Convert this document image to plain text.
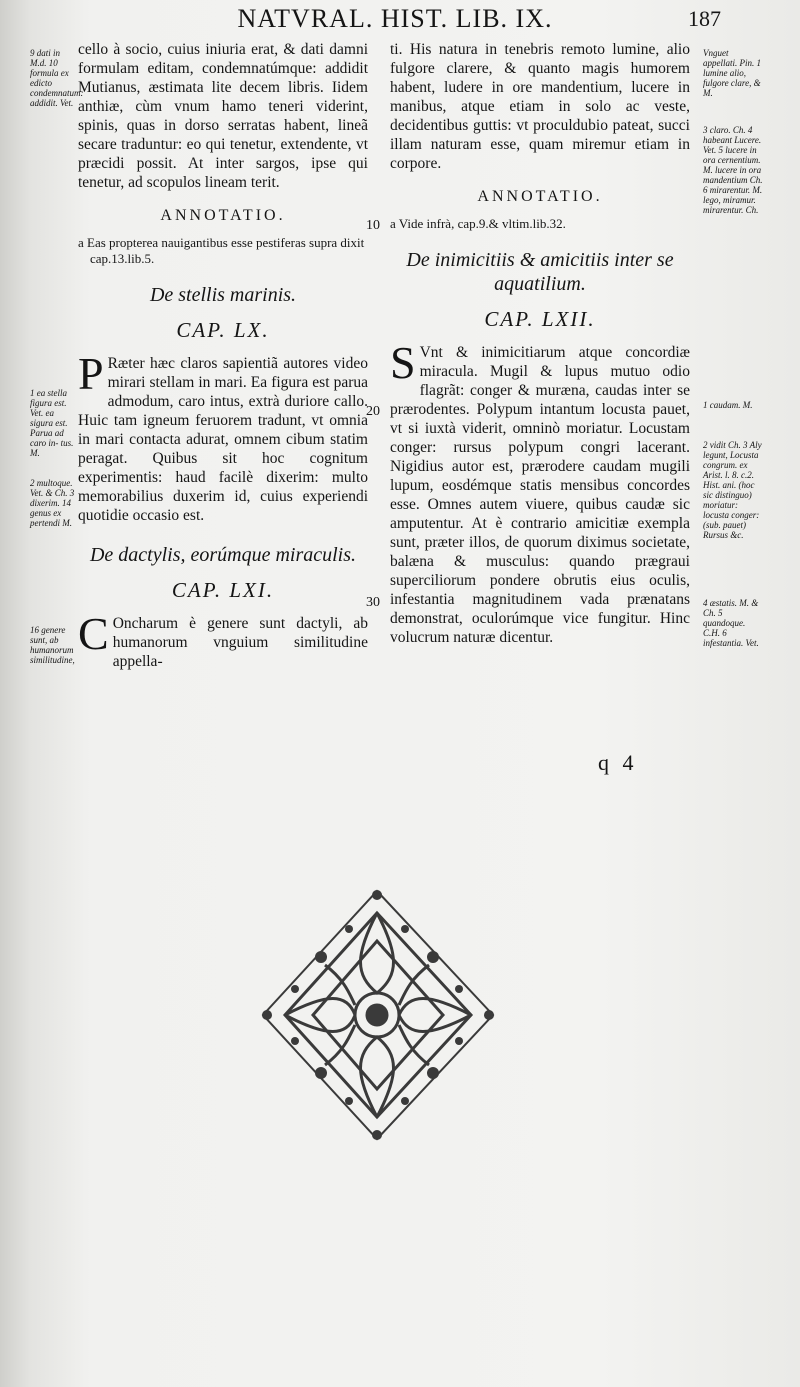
NATVRAL. HIST. LIB. IX.	187

cello à socio, cuius iniuria erat, & dati damni formulam editam, condemnatúmque: addidit Mutianus, æstimata lite decem libris. Iidem anthiæ, cùm vnum hamo teneri viderint, spinis, quas in dorso serratas habent, lineã secare traduntur: eo qui tenetur, extendente, vt præcidi possit. At inter sargos, ipse qui tenetur, ad scopulos lineam terit.

ANNOTATIO.

a Eas propterea nauigantibus esse pestiferas supra dixit cap.13.lib.5.

De stellis marinis.
CAP. LX.

P Ræter hæc claros sapientiã autores video mirari stellam in mari. Ea figura est parua admodum, caro intus, extrà duriore callo. Huic tam igneum feruorem tradunt, vt omnia in mari contacta adurat, omnem cibum statim peragat. Quibus sit hoc cognitum experimentis: haud facilè dixerim: multo memorabilius duxerim id, cuius experiendi quotidie occasio est.

De dactylis, eorúmque miraculis.
CAP. LXI.

C Oncharum è genere sunt dactyli, ab humanorum vnguium similitudine appella-

ti. His natura in tenebris remoto lumine, alio fulgore clarere, & quanto magis humorem habent, ludere in ore mandentium, lucere in manibus, atque etiam in solo ac veste, decidentibus guttis: vt proculdubio pateat, succi illam naturam esse, quam miremur etiam in corpore.

ANNOTATIO.

a Vide infrà, cap.9.& vltim.lib.32.

De inimicitiis & amicitiis inter se aquatilium.
CAP. LXII.

S Vnt & inimicitiarum atque concordiæ miracula. Mugil & lupus mutuo odio flagrãt: conger & muræna, caudas inter se prærodentes. Polypum intantum locusta pauet, vt si iuxtà viderit, omninò moriatur. Locustam conger: rursus polypum congri lacerant. Nigidius autor est, prærodere caudam mugili lupum, eosdémque statis mensibus concordes esse. Omnes autem viuere, quibus caudæ sic amputentur. At è contrario amicitiæ exempla sunt, præter illos, de quorum diximus societate, balæna & musculus: quando prægraui superciliorum pondere obrutis eius oculis, infestantia magnitudinem vada prænatans demonstrat, oculorúmque vice fungitur. Hinc volucrum naturæ dicentur.

10
20
30
9 dati in M.d. 10 formula ex edicto condemnatum: addidit. Vet.
1 ea stella figura est. Vet. ea sigura est. Parua ad caro in- tus. M.
2 multoque. Vet. & Ch. 3 dixerim. 14 genus ex pertendi M.
16 genere sunt, ab humanorum similitudine,
Vnguet appellati. Pin. 1 lumine alio, fulgore clare, & M.
3 claro. Ch. 4 habeant Lucere. Vet. 5 lucere in ora cernentium. M. lucere in ora mandentium Ch. 6 mirarentur. M. lego, miramur. mirarentur. Ch.
1 caudam. M.
2 vidit Ch. 3 Aly legunt, Locusta congrum. ex Arist. l. 8. c.2. Hist. ani. (hoc sic distinguo) moriatur: locusta conger: (sub. pauet) Rursus &c.
4 æstatis. M. & Ch. 5 quandoque. C.H. 6 infestantia. Vet.
q 4
